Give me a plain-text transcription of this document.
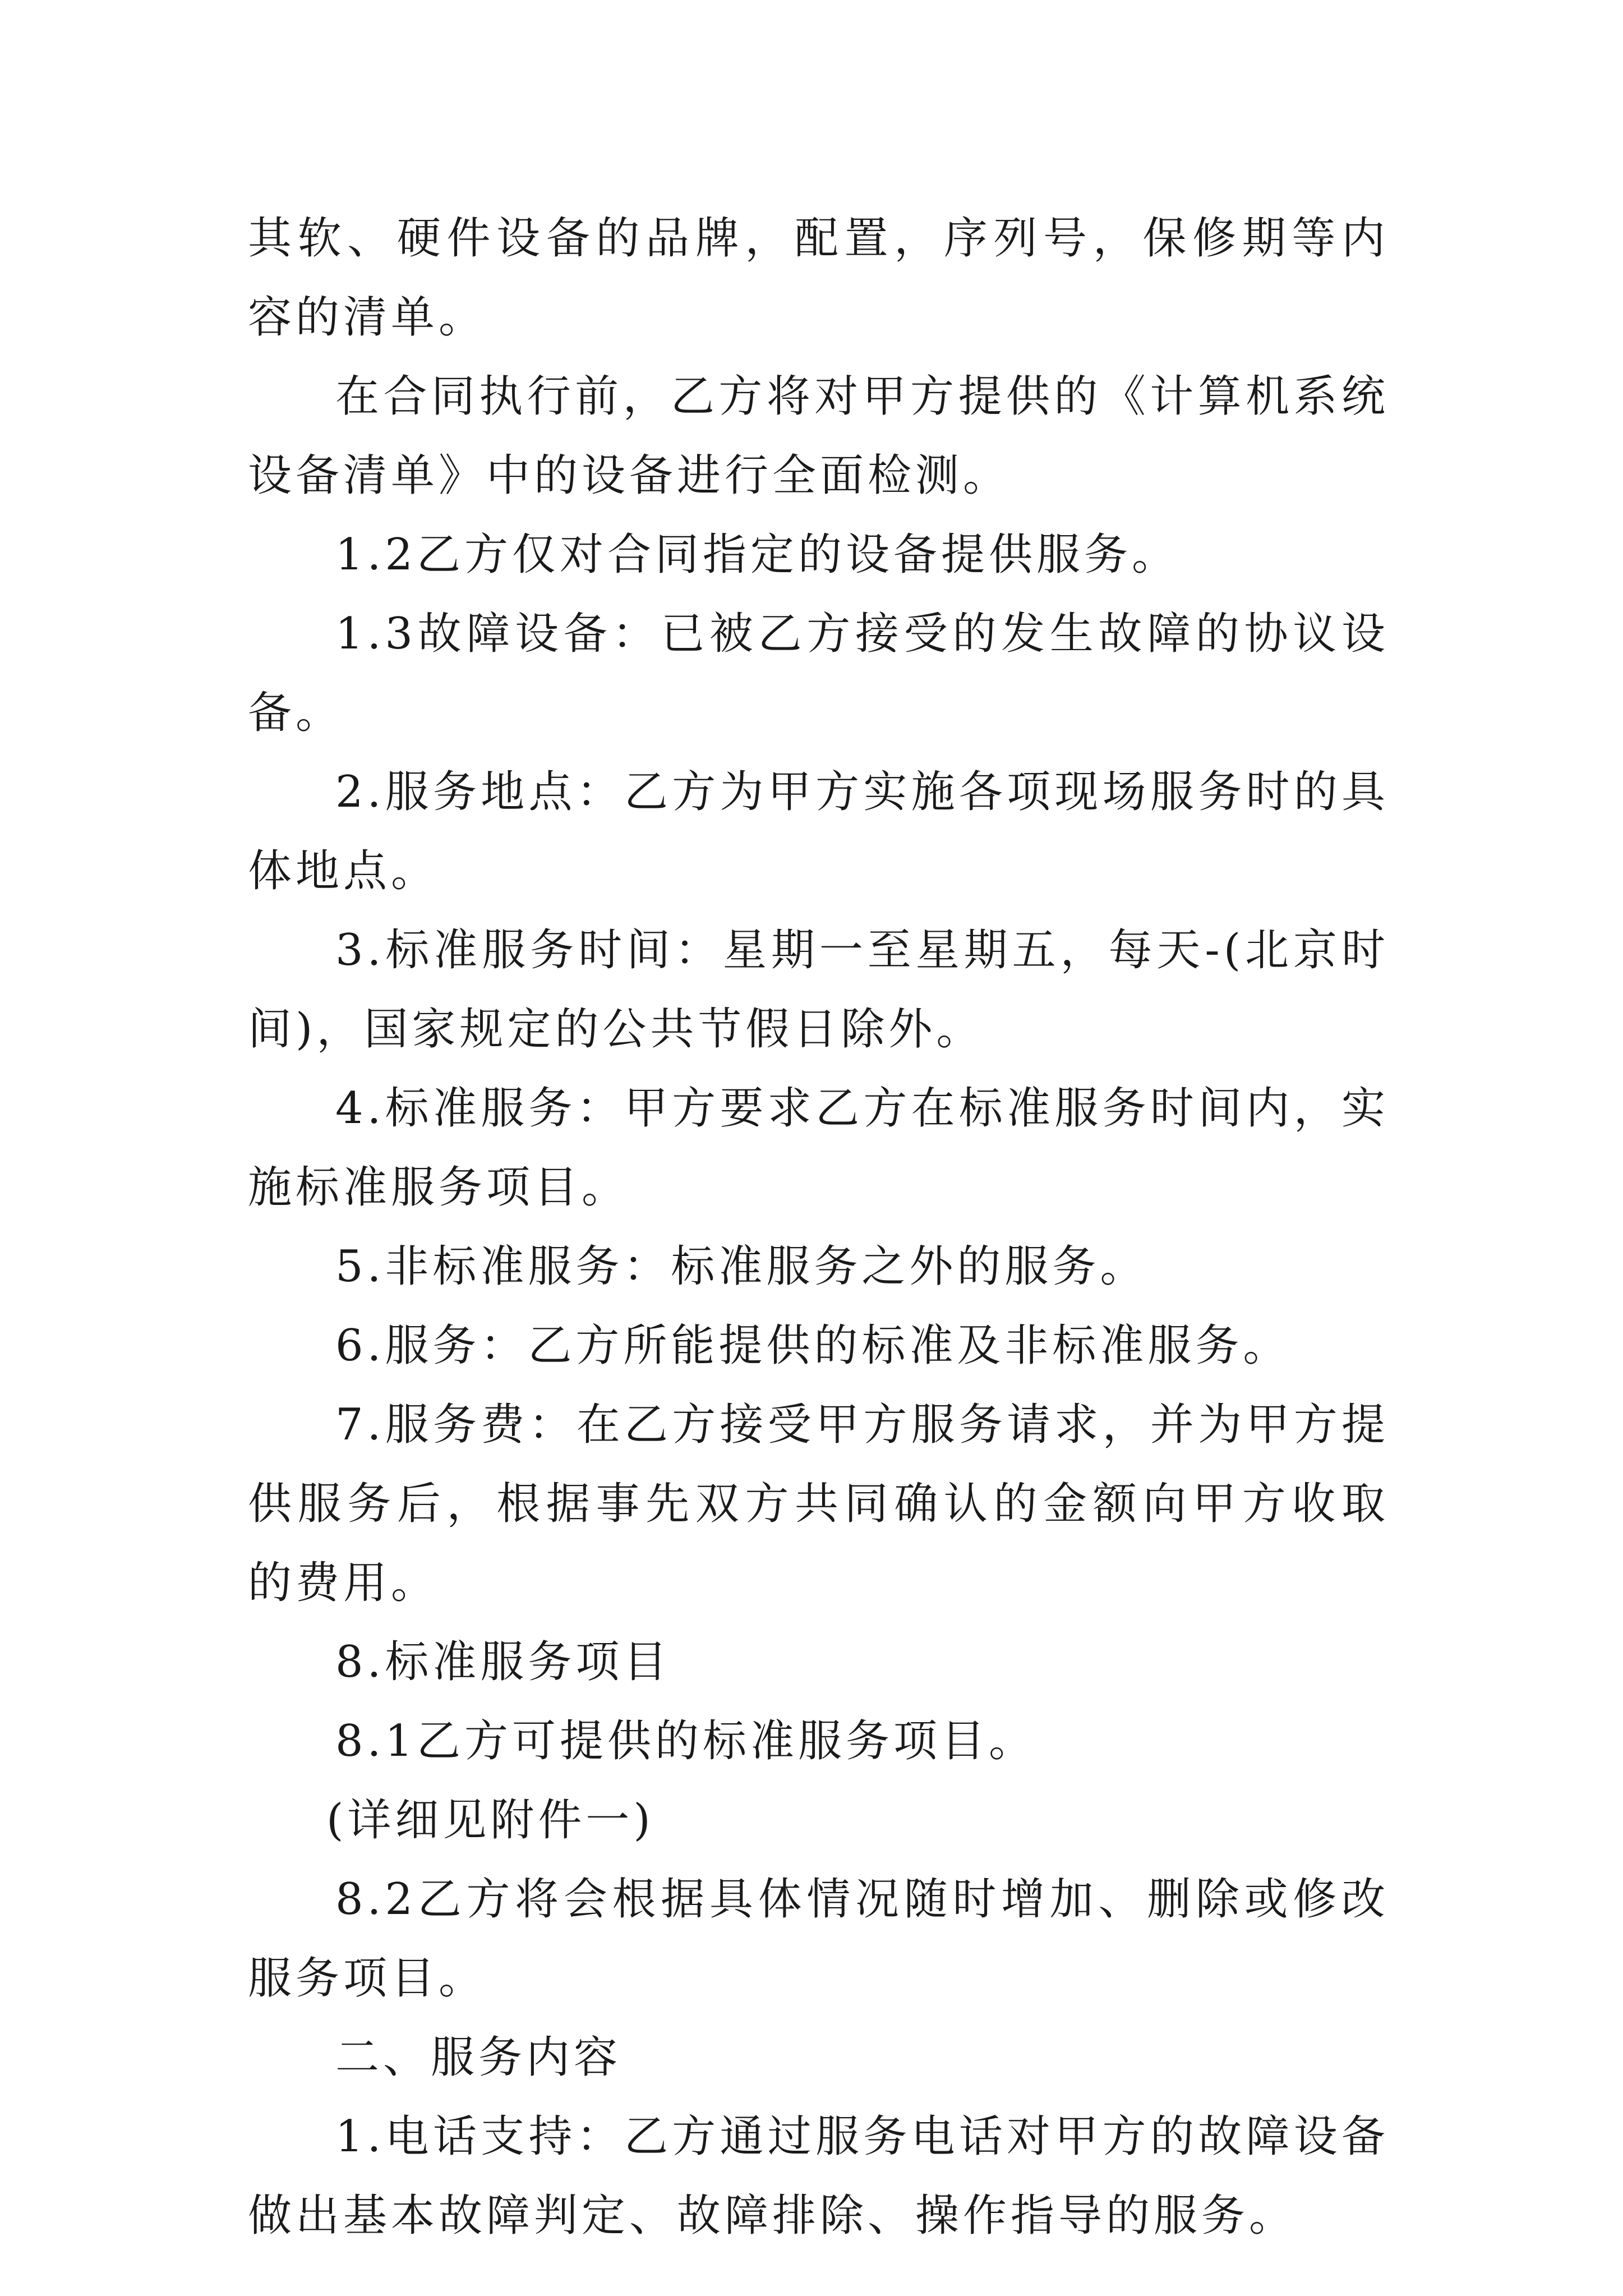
其软、硬件设备的品牌，配置，序列号，保修期等内容的清单。

在合同执行前，乙方将对甲方提供的《计算机系统设备清单》中的设备进行全面检测。

1.2乙方仅对合同指定的设备提供服务。

1.3故障设备：已被乙方接受的发生故障的协议设备。

2.服务地点：乙方为甲方实施各项现场服务时的具体地点。

3.标准服务时间：星期一至星期五，每天-(北京时间)，国家规定的公共节假日除外。

4.标准服务：甲方要求乙方在标准服务时间内，实施标准服务项目。

5.非标准服务：标准服务之外的服务。

6.服务：乙方所能提供的标准及非标准服务。

7.服务费：在乙方接受甲方服务请求，并为甲方提供服务后，根据事先双方共同确认的金额向甲方收取的费用。

8.标准服务项目

8.1乙方可提供的标准服务项目。

(详细见附件一)

8.2乙方将会根据具体情况随时增加、删除或修改服务项目。

二、服务内容

1.电话支持：乙方通过服务电话对甲方的故障设备做出基本故障判定、故障排除、操作指导的服务。
